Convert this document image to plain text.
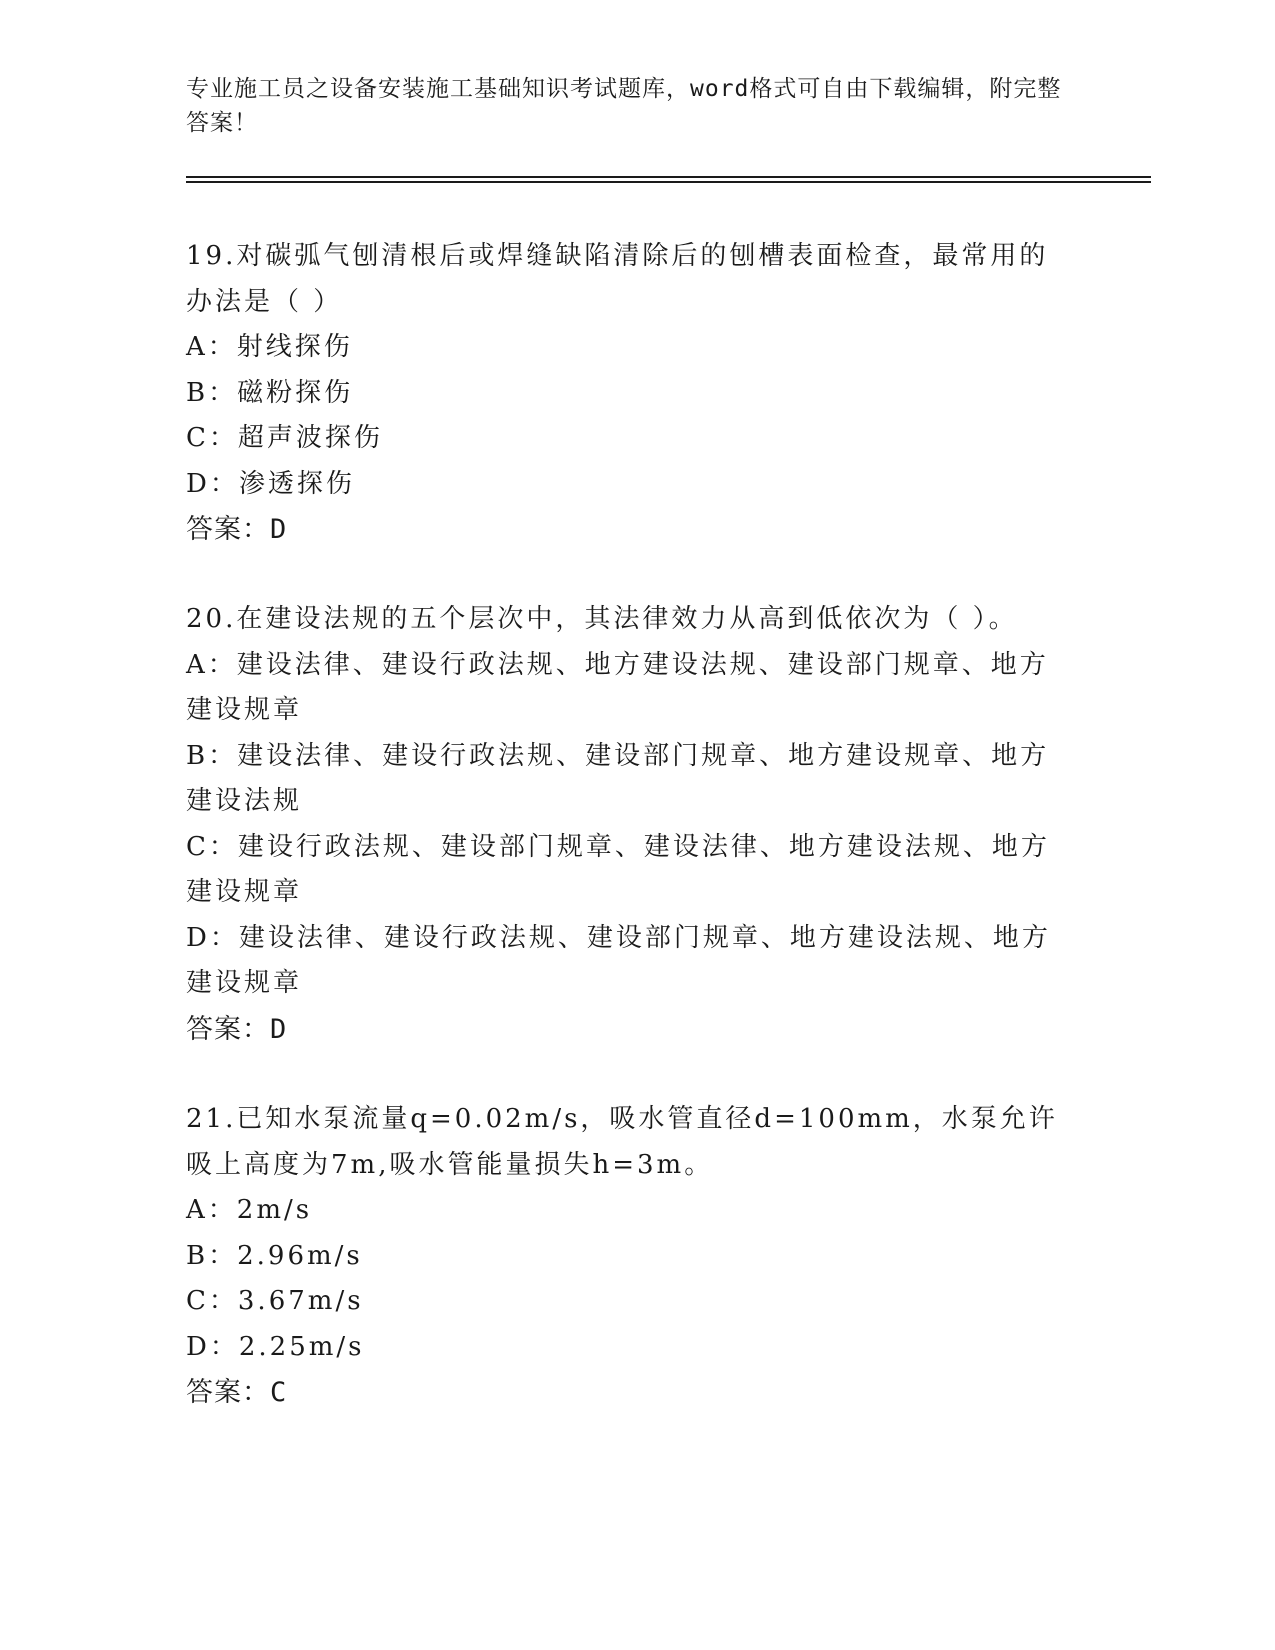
专业施工员之设备安装施工基础知识考试题库，word格式可自由下载编辑，附完整答案！

19.对碳弧气刨清根后或焊缝缺陷清除后的刨槽表面检查，最常用的办法是（ ）

A：射线探伤

B：磁粉探伤

C：超声波探伤

D：渗透探伤

答案：D

20.在建设法规的五个层次中，其法律效力从高到低依次为（ ）。

A：建设法律、建设行政法规、地方建设法规、建设部门规章、地方建设规章

B：建设法律、建设行政法规、建设部门规章、地方建设规章、地方建设法规

C：建设行政法规、建设部门规章、建设法律、地方建设法规、地方建设规章

D：建设法律、建设行政法规、建设部门规章、地方建设法规、地方建设规章

答案：D

21.已知水泵流量q=0.02m/s，吸水管直径d=100mm，水泵允许吸上高度为7m,吸水管能量损失h=3m。

A：2m/s

B：2.96m/s

C：3.67m/s

D：2.25m/s

答案：C
